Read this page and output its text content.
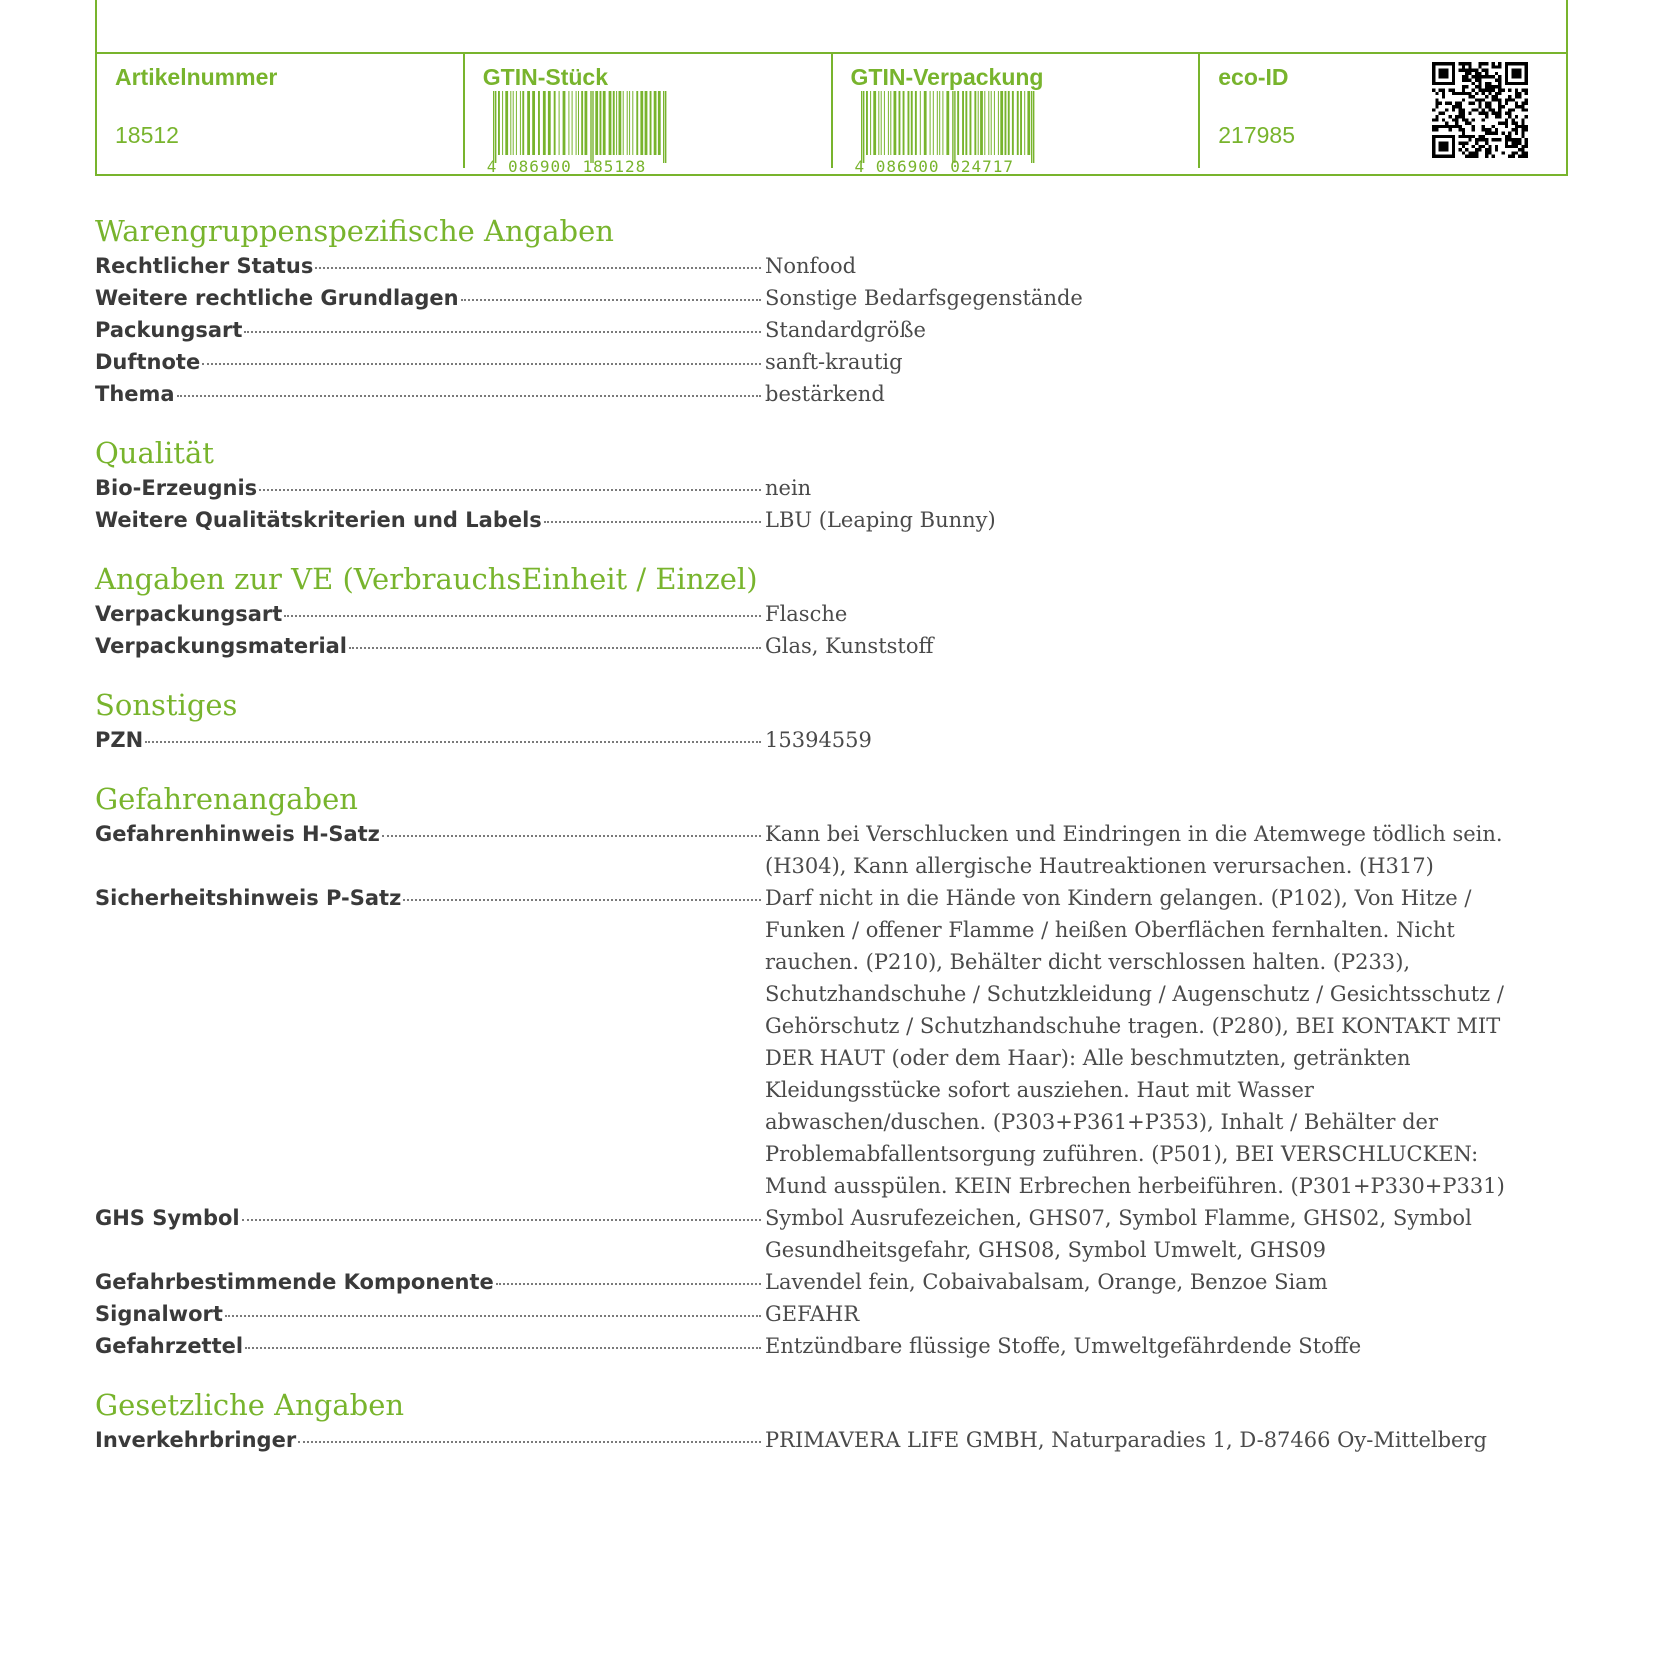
Artikelnummer
18512
GTIN-Stück
4 086900 185128
GTIN-Verpackung
4 086900 024717
eco-ID
217985
Warengruppenspezifische Angaben
Rechtlicher Status	Nonfood
Weitere rechtliche Grundlagen	Sonstige Bedarfsgegenstände
Packungsart	Standardgröße
Duftnote	sanft-krautig
Thema	bestärkend
Qualität
Bio-Erzeugnis	nein
Weitere Qualitätskriterien und Labels	LBU (Leaping Bunny)
Angaben zur VE (VerbrauchsEinheit / Einzel)
Verpackungsart	Flasche
Verpackungsmaterial	Glas, Kunststoff
Sonstiges
PZN	15394559
Gefahrenangaben
Gefahrenhinweis H-Satz	Kann bei Verschlucken und Eindringen in die Atemwege tödlich sein. (H304), Kann allergische Hautreaktionen verursachen. (H317)
Sicherheitshinweis P-Satz	Darf nicht in die Hände von Kindern gelangen. (P102), Von Hitze / Funken / offener Flamme / heißen Oberflächen fernhalten. Nicht rauchen. (P210), Behälter dicht verschlossen halten. (P233), Schutzhandschuhe / Schutzkleidung / Augenschutz / Gesichtsschutz / Gehörschutz / Schutzhandschuhe tragen. (P280), BEI KONTAKT MIT DER HAUT (oder dem Haar): Alle beschmutzten, getränkten Kleidungsstücke sofort ausziehen. Haut mit Wasser abwaschen/duschen. (P303+P361+P353), Inhalt / Behälter der Problemabfallentsorgung zuführen. (P501), BEI VERSCHLUCKEN: Mund ausspülen. KEIN Erbrechen herbeiführen. (P301+P330+P331)
GHS Symbol	Symbol Ausrufezeichen, GHS07, Symbol Flamme, GHS02, Symbol Gesundheitsgefahr, GHS08, Symbol Umwelt, GHS09
Gefahrbestimmende Komponente	Lavendel fein, Cobaivabalsam, Orange, Benzoe Siam
Signalwort	GEFAHR
Gefahrzettel	Entzündbare flüssige Stoffe, Umweltgefährdende Stoffe
Gesetzliche Angaben
Inverkehrbringer	PRIMAVERA LIFE GMBH, Naturparadies 1, D-87466 Oy-Mittelberg
